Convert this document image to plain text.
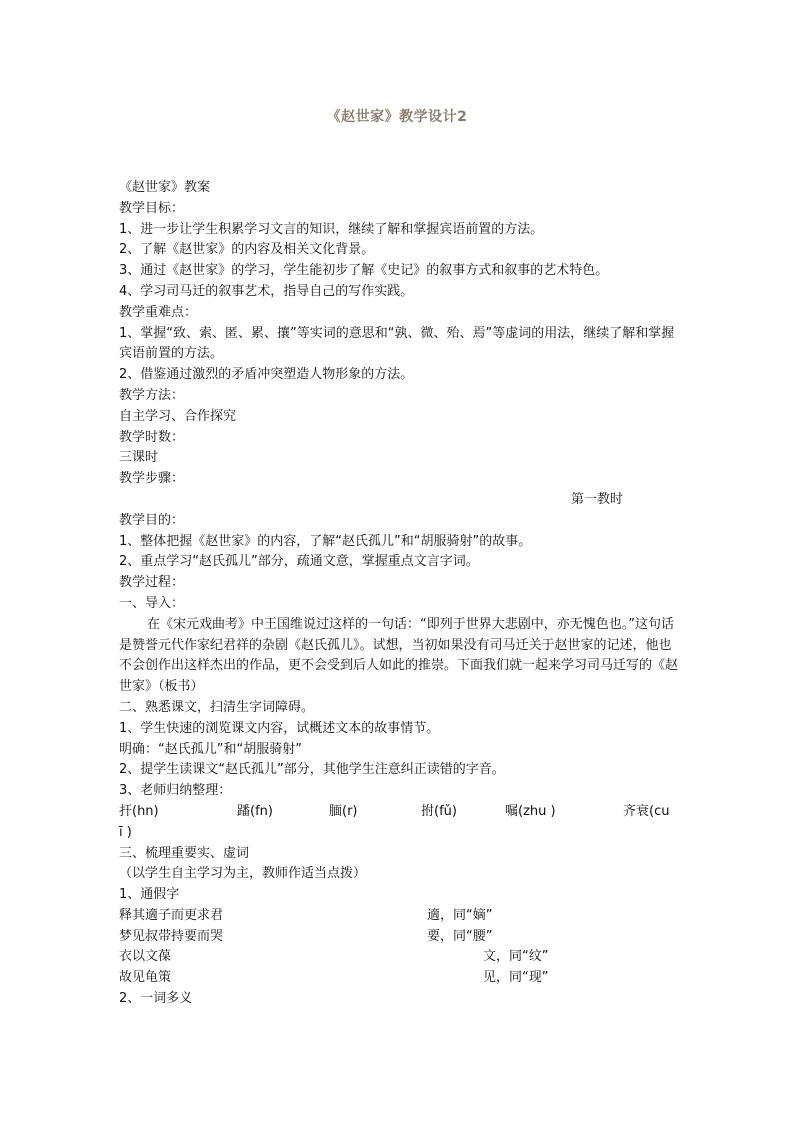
《赵世家》教学设计2

《赵世家》教案

教学目标：

1、进一步让学生积累学习文言的知识，继续了解和掌握宾语前置的方法。

2、了解《赵世家》的内容及相关文化背景。

3、通过《赵世家》的学习，学生能初步了解《史记》的叙事方式和叙事的艺术特色。

4、学习司马迁的叙事艺术，指导自己的写作实践。

教学重难点：

1、掌握“致、索、匿、累、攘”等实词的意思和“孰、微、殆、焉”等虚词的用法，继续了解和掌握宾语前置的方法。

2、借鉴通过激烈的矛盾冲突塑造人物形象的方法。

教学方法：

自主学习、合作探究

教学时数：

三课时

教学步骤：

第一教时

教学目的：

1、整体把握《赵世家》的内容，了解“赵氏孤儿”和“胡服骑射”的故事。

2、重点学习“赵氏孤儿”部分，疏通文意，掌握重点文言字词。

教学过程：

一、导入：

在《宋元戏曲考》中王国维说过这样的一句话：“即列于世界大悲剧中，亦无愧色也。”这句话是赞誉元代作家纪君祥的杂剧《赵氏孤儿》。试想，当初如果没有司马迁关于赵世家的记述，他也不会创作出这样杰出的作品，更不会受到后人如此的推崇。下面我们就一起来学习司马迁写的《赵世家》（板书）

二、熟悉课文，扫清生字词障碍。

1、学生快速的浏览课文内容，试概述文本的故事情节。

明确：“赵氏孤儿”和“胡服骑射”

2、提学生读课文“赵氏孤儿”部分，其他学生注意纠正读错的字音。

3、老师归纳整理：

扞(hn)	蹯(fn)	腼(r)	拊(fǔ)	嘱(zhu )	齐衰(cu

ī )

三、梳理重要实、虚词

（以学生自主学习为主，教师作适当点拨）

1、通假字

释其適子而更求君	適，同“嫡”
梦见叔带持要而哭	要，同“腰”
衣以文葆	文，同“纹”
故见龟策	见，同“现”

2、一词多义
